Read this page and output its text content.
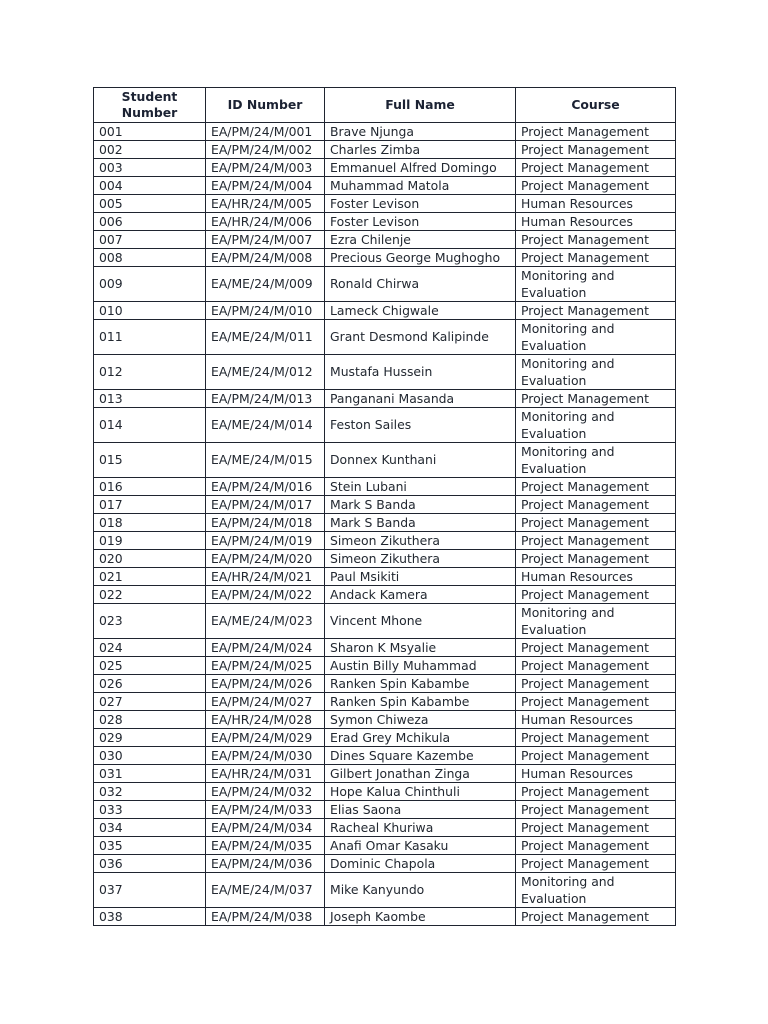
Student Number	ID Number	Full Name	Course
001	EA/PM/24/M/001	Brave Njunga	Project Management
002	EA/PM/24/M/002	Charles Zimba	Project Management
003	EA/PM/24/M/003	Emmanuel Alfred Domingo	Project Management
004	EA/PM/24/M/004	Muhammad Matola	Project Management
005	EA/HR/24/M/005	Foster Levison	Human Resources
006	EA/HR/24/M/006	Foster Levison	Human Resources
007	EA/PM/24/M/007	Ezra Chilenje	Project Management
008	EA/PM/24/M/008	Precious George Mughogho	Project Management
009	EA/ME/24/M/009	Ronald Chirwa	Monitoring and Evaluation
010	EA/PM/24/M/010	Lameck Chigwale	Project Management
011	EA/ME/24/M/011	Grant Desmond Kalipinde	Monitoring and Evaluation
012	EA/ME/24/M/012	Mustafa Hussein	Monitoring and Evaluation
013	EA/PM/24/M/013	Panganani Masanda	Project Management
014	EA/ME/24/M/014	Feston Sailes	Monitoring and Evaluation
015	EA/ME/24/M/015	Donnex Kunthani	Monitoring and Evaluation
016	EA/PM/24/M/016	Stein Lubani	Project Management
017	EA/PM/24/M/017	Mark S Banda	Project Management
018	EA/PM/24/M/018	Mark S Banda	Project Management
019	EA/PM/24/M/019	Simeon Zikuthera	Project Management
020	EA/PM/24/M/020	Simeon Zikuthera	Project Management
021	EA/HR/24/M/021	Paul Msikiti	Human Resources
022	EA/PM/24/M/022	Andack Kamera	Project Management
023	EA/ME/24/M/023	Vincent Mhone	Monitoring and Evaluation
024	EA/PM/24/M/024	Sharon K Msyalie	Project Management
025	EA/PM/24/M/025	Austin Billy Muhammad	Project Management
026	EA/PM/24/M/026	Ranken Spin Kabambe	Project Management
027	EA/PM/24/M/027	Ranken Spin Kabambe	Project Management
028	EA/HR/24/M/028	Symon Chiweza	Human Resources
029	EA/PM/24/M/029	Erad Grey Mchikula	Project Management
030	EA/PM/24/M/030	Dines Square Kazembe	Project Management
031	EA/HR/24/M/031	Gilbert Jonathan Zinga	Human Resources
032	EA/PM/24/M/032	Hope Kalua Chinthuli	Project Management
033	EA/PM/24/M/033	Elias Saona	Project Management
034	EA/PM/24/M/034	Racheal Khuriwa	Project Management
035	EA/PM/24/M/035	Anafi Omar Kasaku	Project Management
036	EA/PM/24/M/036	Dominic Chapola	Project Management
037	EA/ME/24/M/037	Mike Kanyundo	Monitoring and Evaluation
038	EA/PM/24/M/038	Joseph Kaombe	Project Management
